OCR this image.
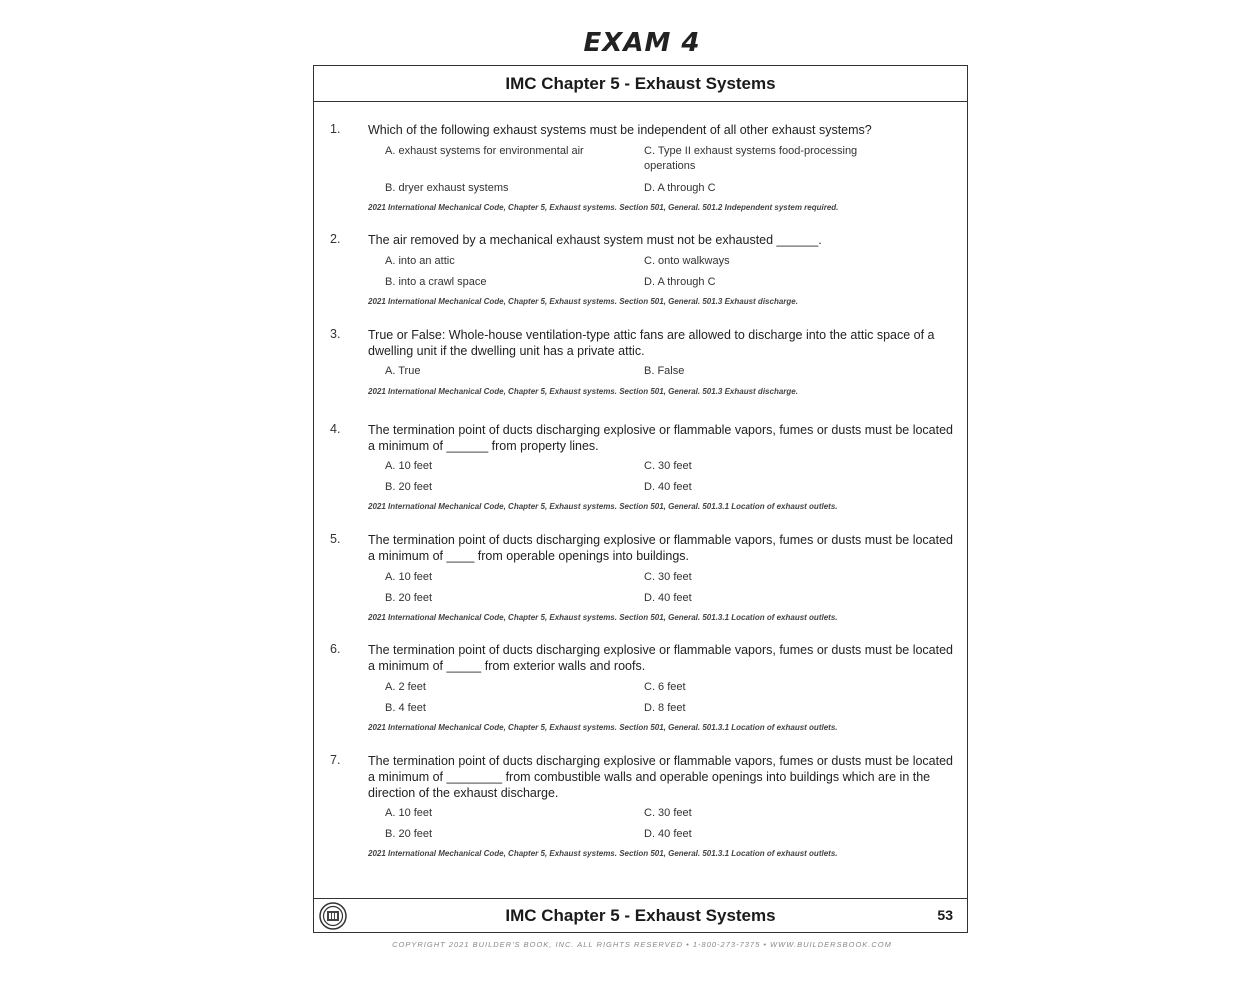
EXAM 4
IMC Chapter 5 - Exhaust Systems
1. Which of the following exhaust systems must be independent of all other exhaust systems?
A. exhaust systems for environmental air
B. dryer exhaust systems
C. Type II exhaust systems food-processing operations
D. A through C
2021 International Mechanical Code, Chapter 5, Exhaust systems. Section 501, General. 501.2 Independent system required.
2. The air removed by a mechanical exhaust system must not be exhausted ______.
A. into an attic
B. into a crawl space
C. onto walkways
D. A through C
2021 International Mechanical Code, Chapter 5, Exhaust systems. Section 501, General. 501.3 Exhaust discharge.
3. True or False: Whole-house ventilation-type attic fans are allowed to discharge into the attic space of a dwelling unit if the dwelling unit has a private attic.
A. True	B. False
2021 International Mechanical Code, Chapter 5, Exhaust systems. Section 501, General. 501.3 Exhaust discharge.
4. The termination point of ducts discharging explosive or flammable vapors, fumes or dusts must be located a minimum of ______ from property lines.
A. 10 feet
B. 20 feet
C. 30 feet
D. 40 feet
2021 International Mechanical Code, Chapter 5, Exhaust systems. Section 501, General. 501.3.1 Location of exhaust outlets.
5. The termination point of ducts discharging explosive or flammable vapors, fumes or dusts must be located a minimum of ____ from operable openings into buildings.
A. 10 feet
B. 20 feet
C. 30 feet
D. 40 feet
2021 International Mechanical Code, Chapter 5, Exhaust systems. Section 501, General. 501.3.1 Location of exhaust outlets.
6. The termination point of ducts discharging explosive or flammable vapors, fumes or dusts must be located a minimum of _____ from exterior walls and roofs.
A. 2 feet
B. 4 feet
C. 6 feet
D. 8 feet
2021 International Mechanical Code, Chapter 5, Exhaust systems. Section 501, General. 501.3.1 Location of exhaust outlets.
7. The termination point of ducts discharging explosive or flammable vapors, fumes or dusts must be located a minimum of ________ from combustible walls and operable openings into buildings which are in the direction of the exhaust discharge.
A. 10 feet
B. 20 feet
C. 30 feet
D. 40 feet
2021 International Mechanical Code, Chapter 5, Exhaust systems. Section 501, General. 501.3.1 Location of exhaust outlets.
IMC Chapter 5 - Exhaust Systems	53
COPYRIGHT 2021 BUILDER'S BOOK, INC. ALL RIGHTS RESERVED • 1-800-273-7375 • WWW.BUILDERSBOOK.COM
